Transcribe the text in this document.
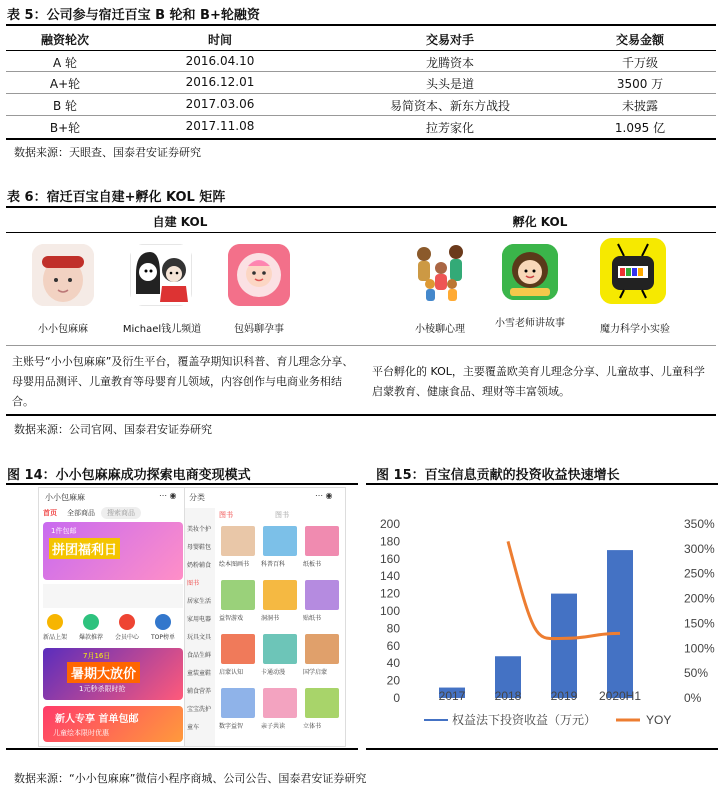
表 5：公司参与宿迁百宝 B 轮和 B+轮融资
融资轮次	时间	交易对手	交易金额
A 轮	2016.04.10	龙腾资本	千万级
A+轮	2016.12.01	头头是道	3500 万
B 轮	2017.03.06	易简资本、新东方战投	未披露
B+轮	2017.11.08	拉芳家化	1.095 亿
数据来源：天眼查、国泰君安证券研究
表 6：宿迁百宝自建+孵化 KOL 矩阵
自建 KOL	孵化 KOL
小小包麻麻	Michael钱儿频道	包妈聊孕事	小棱聊心理
小雪老师讲故事
魔力科学小实验
主账号“小小包麻麻”及衍生平台，覆盖孕期知识科普、育儿理念分享、母婴用品测评、儿童教育等母婴育儿领域，内容创作与电商业务相结合。
平台孵化的 KOL，主要覆盖欧美育儿理念分享、儿童故事、儿童科学启蒙教育、健康食品、理财等丰富领域。
数据来源：公司官网、国泰君安证券研究
图 14：小小包麻麻成功探索电商变现模式
小小包麻麻	⋯ ◉
首页 全部商品	搜索商品
1件包邮
拼团福利日
新品上架 爆款推荐 会员中心 TOP榜单
7月16日
暑期大放价
1元秒杀限时抢
新人专享 首单包邮
儿童绘本限时优惠
分类	⋯ ◉
图书	图书
美妆个护
母婴鞋包
奶粉辅食
图书
居家生活
家用电器
玩具文具
食品生鲜
童装童鞋
辅食营养
宝宝洗护
童车
绘本图画书 科普百科	纸板书
益智游戏	洞洞书	贴纸书
启蒙认知	卡通动漫	国学启蒙
数字益智	亲子共读	立体书
图 15：百宝信息贡献的投资收益快速增长
0
20
40
60
80
100
120
140
160
180
200
0%
50%
100%
150%
200%
250%
300%
350%
2017 2018 2019 2020H1
权益法下投资收益（万元）	YOY
数据来源：“小小包麻麻”微信小程序商城、公司公告、国泰君安证券研究
